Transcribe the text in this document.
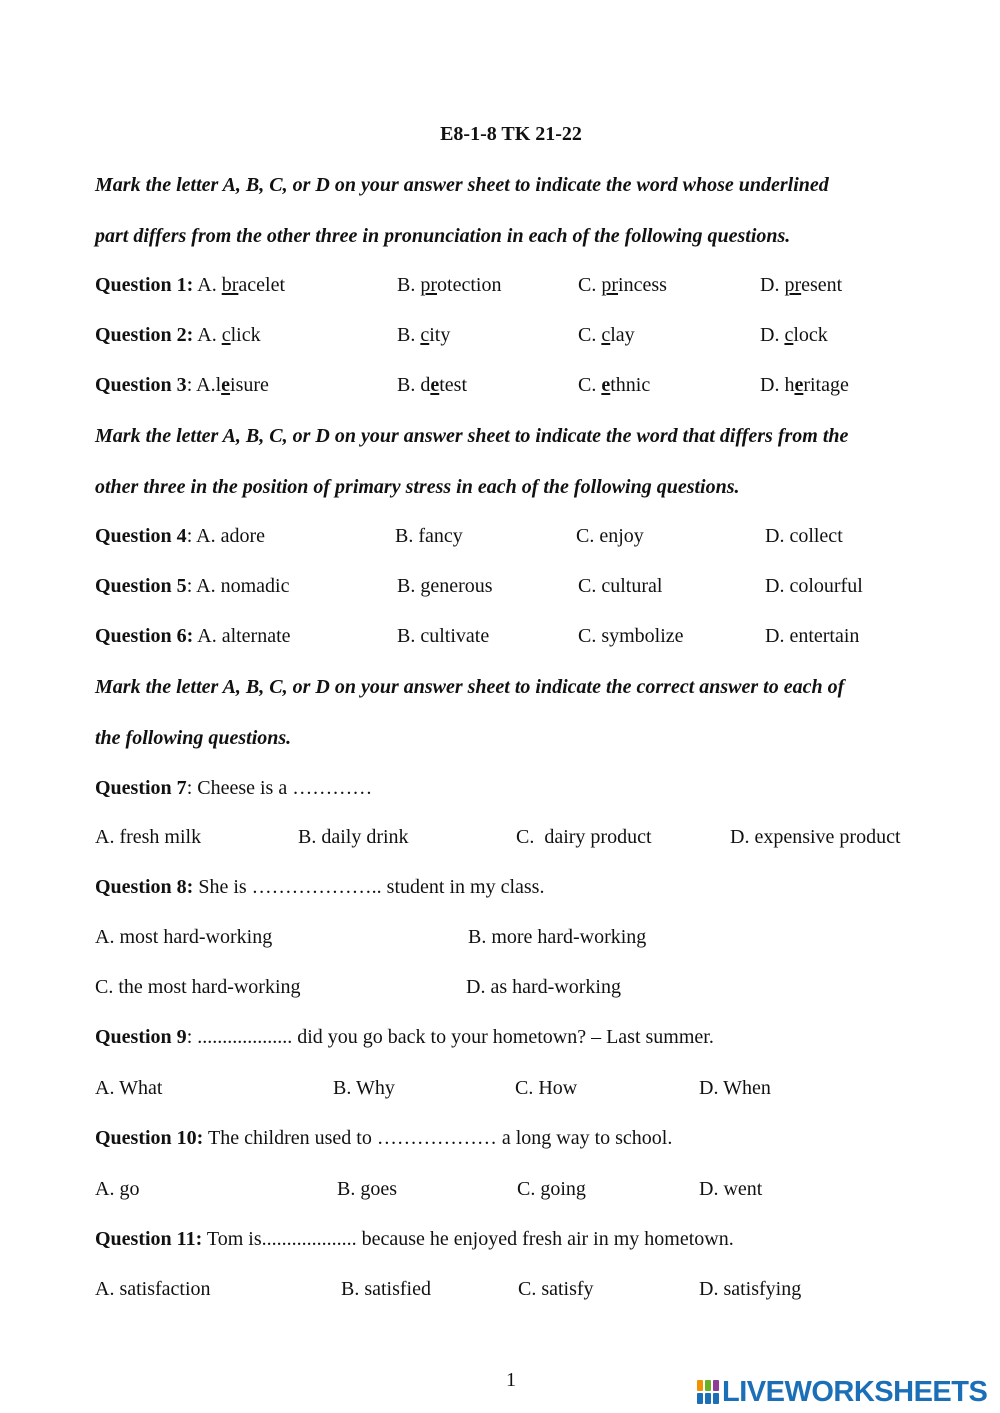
E8-1-8 TK 21-22
Mark the letter A, B, C, or D on your answer sheet to indicate the word whose underlined
part differs from the other three in pronunciation in each of the following questions.
Question 1: A. bracelet	B. protection	C. princess	D. present
Question 2: A. click	B. city	C. clay	D. clock
Question 3: A.leisure	B. detest	C. ethnic	D. heritage
Mark the letter A, B, C, or D on your answer sheet to indicate the word that differs from the
other three in the position of primary stress in each of the following questions.
Question 4: A. adore	B. fancy	C. enjoy	D. collect
Question 5: A. nomadic	B. generous	C. cultural	D. colourful
Question 6: A. alternate	B. cultivate	C. symbolize	D. entertain
Mark the letter A, B, C, or D on your answer sheet to indicate the correct answer to each of
the following questions.
Question 7: Cheese is a …………
A. fresh milk	B. daily drink	C.  dairy product	D. expensive product
Question 8: She is ……………….. student in my class.
A. most hard-working	B. more hard-working
C. the most hard-working	D. as hard-working
Question 9: ................... did you go back to your hometown? – Last summer.
A. What	B. Why	C. How	D. When
Question 10: The children used to ……………… a long way to school.
A. go	B. goes	C. going	D. went
Question 11: Tom is................... because he enjoyed fresh air in my hometown.
A. satisfaction	B. satisfied	C. satisfy	D. satisfying
1	LIVE WORKSHEETS
